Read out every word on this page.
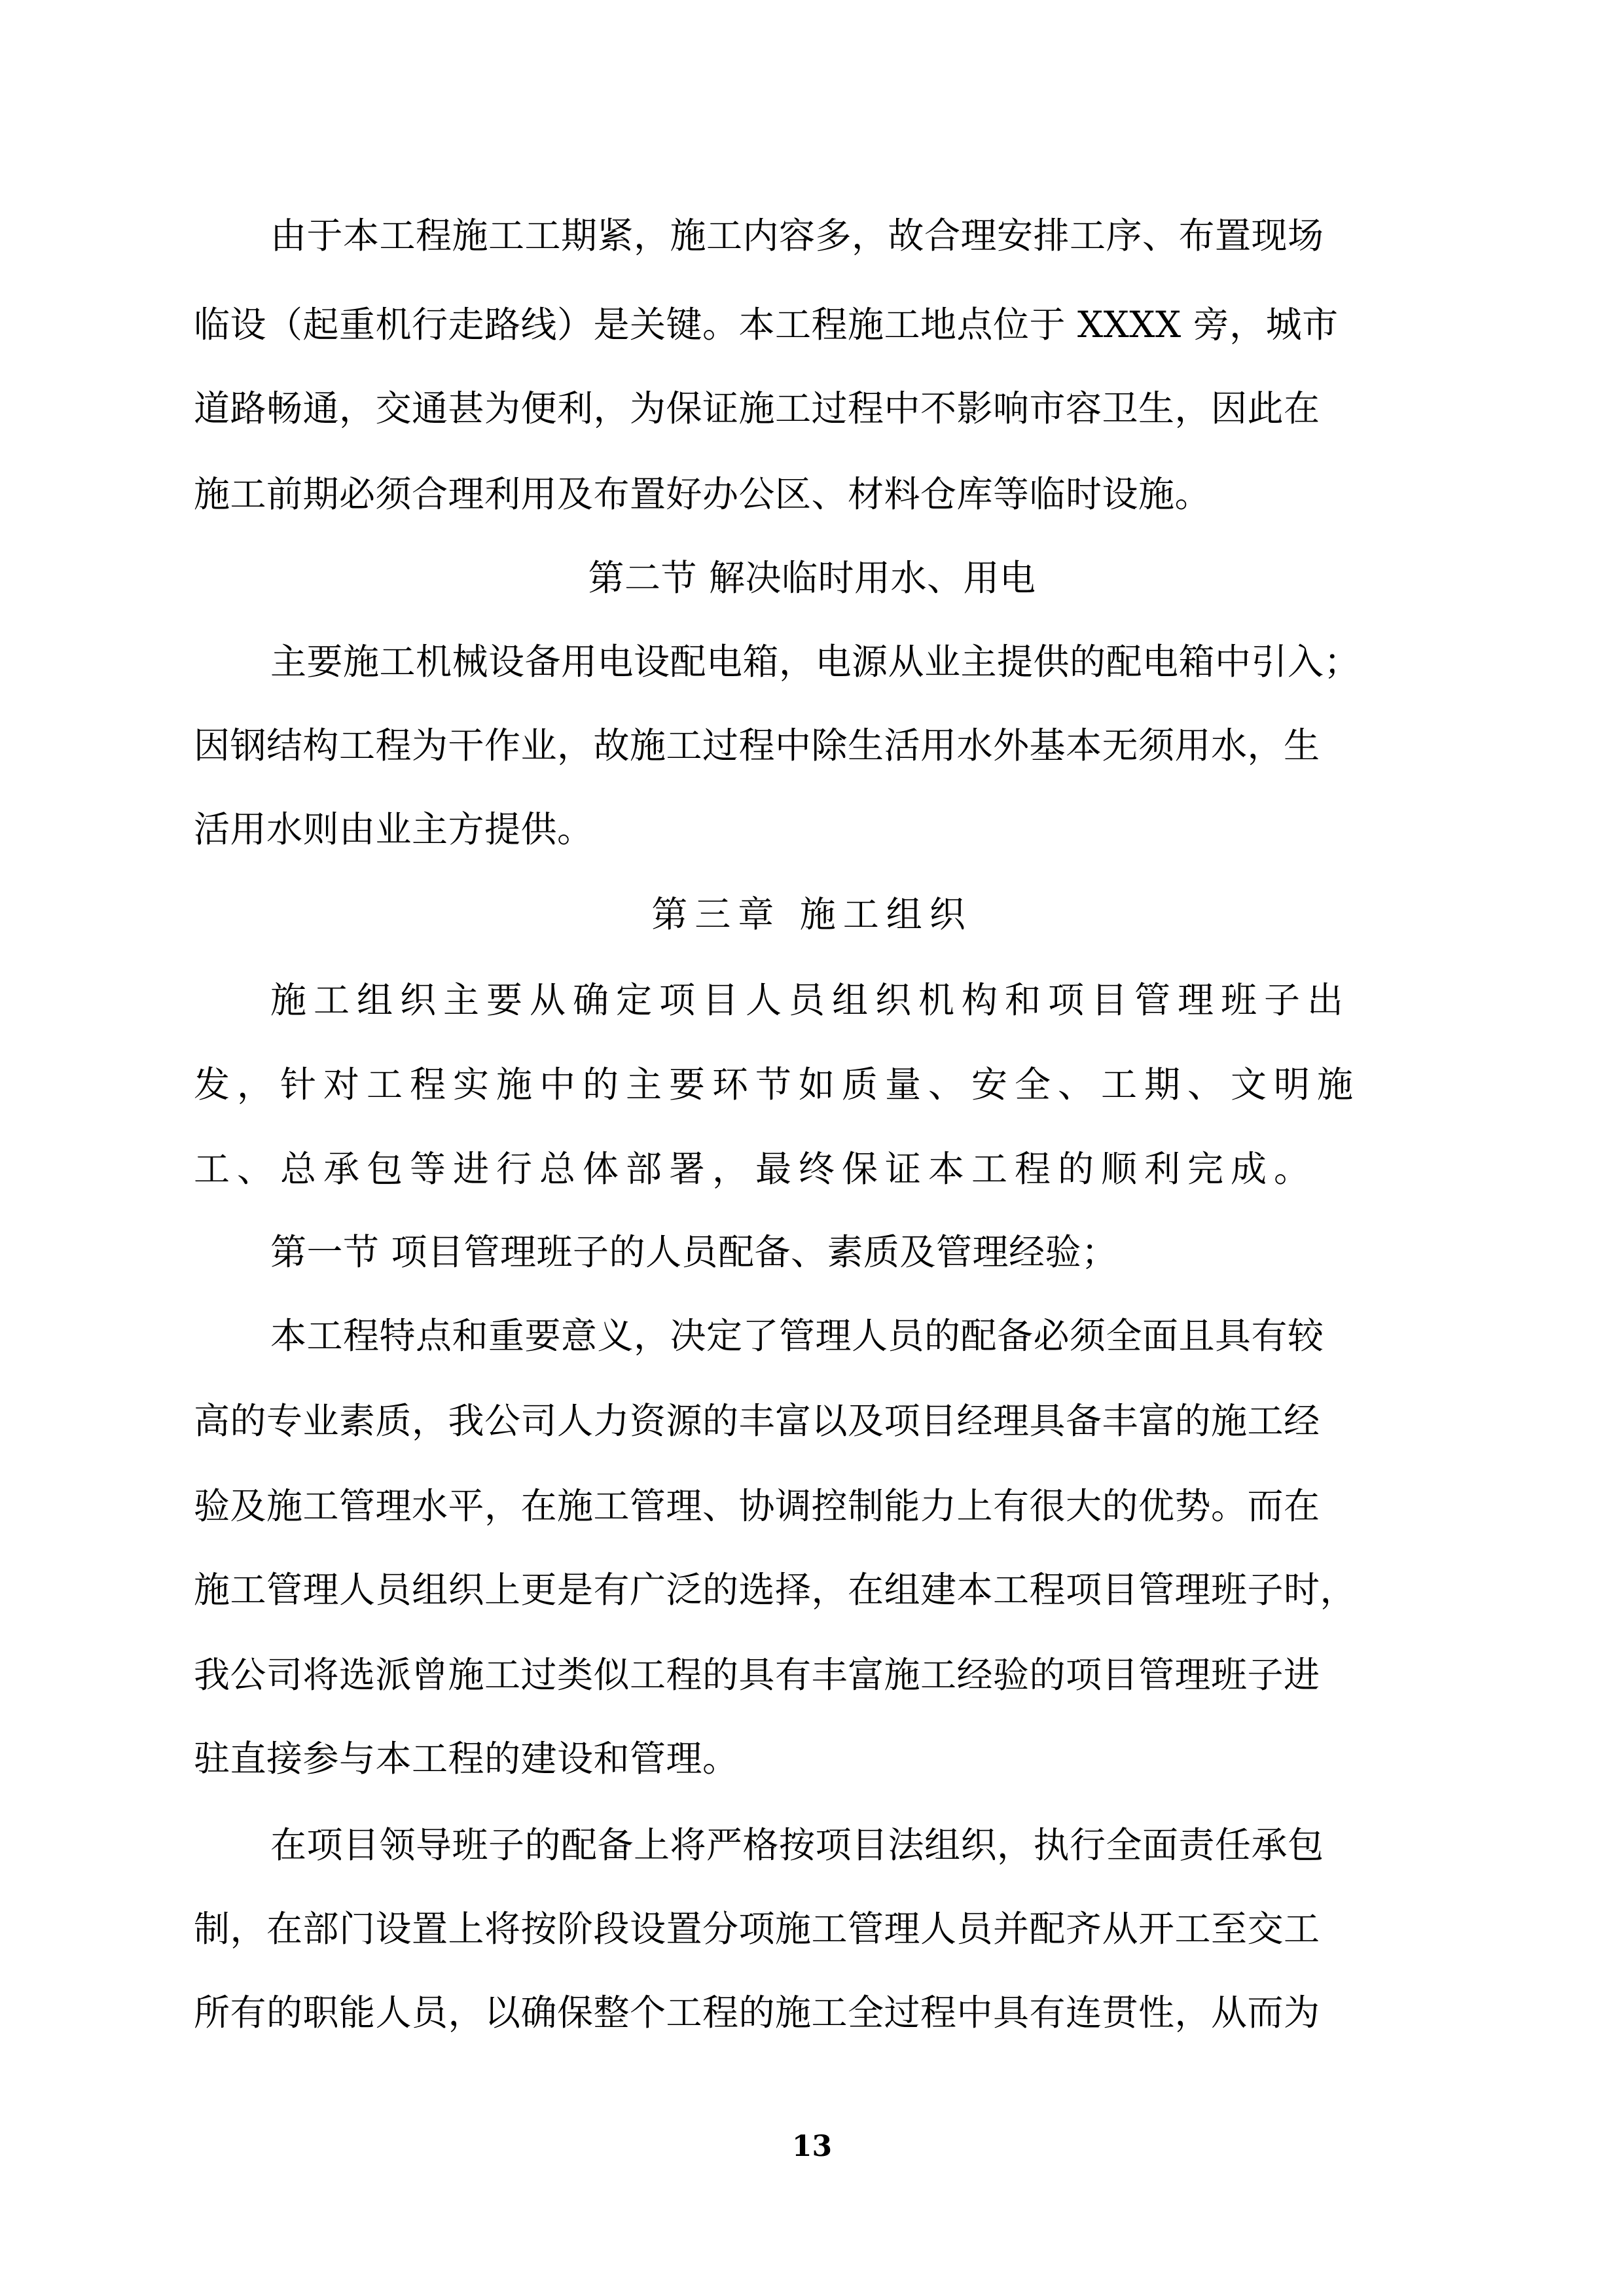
由于本工程施工工期紧，施工内容多，故合理安排工序、布置现场
临设（起重机行走路线）是关键。本工程施工地点位于 XXXX 旁，城市
道路畅通，交通甚为便利，为保证施工过程中不影响市容卫生，因此在
施工前期必须合理利用及布置好办公区、材料仓库等临时设施。
第二节 解决临时用水、用电
主要施工机械设备用电设配电箱，电源从业主提供的配电箱中引入；
因钢结构工程为干作业，故施工过程中除生活用水外基本无须用水，生
活用水则由业主方提供。
第三章 施工组织
施工组织主要从确定项目人员组织机构和项目管理班子出
发，针对工程实施中的主要环节如质量、安全、工期、文明施
工、总承包等进行总体部署，最终保证本工程的顺利完成。
第一节 项目管理班子的人员配备、素质及管理经验；
本工程特点和重要意义，决定了管理人员的配备必须全面且具有较
高的专业素质，我公司人力资源的丰富以及项目经理具备丰富的施工经
验及施工管理水平，在施工管理、协调控制能力上有很大的优势。而在
施工管理人员组织上更是有广泛的选择，在组建本工程项目管理班子时，
我公司将选派曾施工过类似工程的具有丰富施工经验的项目管理班子进
驻直接参与本工程的建设和管理。
在项目领导班子的配备上将严格按项目法组织，执行全面责任承包
制，在部门设置上将按阶段设置分项施工管理人员并配齐从开工至交工
所有的职能人员，以确保整个工程的施工全过程中具有连贯性，从而为
13
